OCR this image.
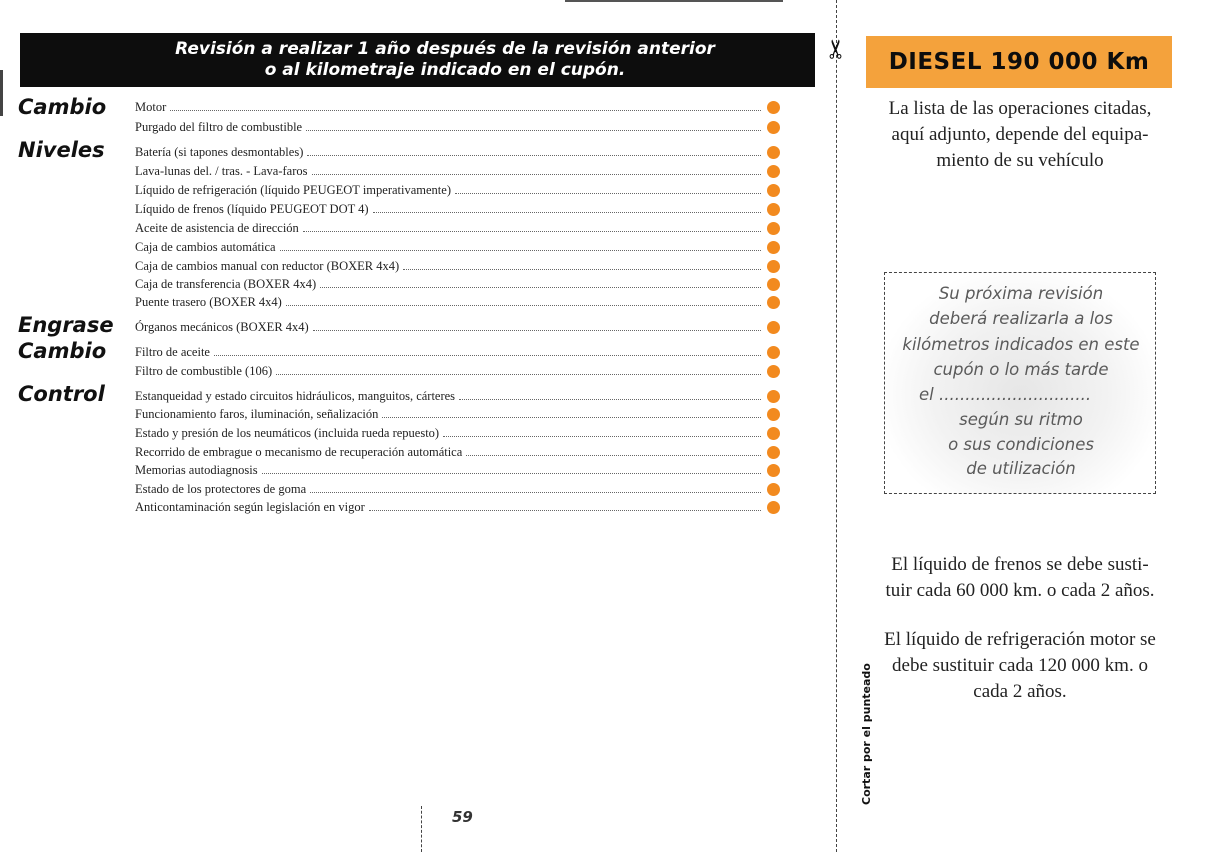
Revisión a realizar 1 año después de la revisión anterior
o al kilometraje indicado en el cupón.
Cambio
Niveles
Engrase
Cambio
Control
Motor
Purgado del filtro de combustible
Batería (si tapones desmontables)
Lava-lunas del. / tras. - Lava-faros
Líquido de refrigeración (líquido PEUGEOT imperativamente)
Líquido de frenos (líquido PEUGEOT DOT 4)
Aceite de asistencia de dirección
Caja de cambios automática
Caja de cambios manual con reductor (BOXER 4x4)
Caja de transferencia (BOXER 4x4)
Puente trasero (BOXER 4x4)
Órganos mecánicos (BOXER 4x4)
Filtro de aceite
Filtro de combustible (106)
Estanqueidad y estado circuitos hidráulicos, manguitos, cárteres
Funcionamiento faros, iluminación, señalización
Estado y presión de los neumáticos (incluida rueda repuesto)
Recorrido de embrague o mecanismo de recuperación automática
Memorias autodiagnosis
Estado de los protectores de goma
Anticontaminación según legislación en vigor
59
✂
Cortar por el punteado
DIESEL 190 000 Km
La lista de las operaciones citadas,
aquí adjunto, depende del equipa-
miento de su vehículo
Su próxima revisión
deberá realizarla a los
kilómetros indicados en este
cupón o lo más tarde
el .............................
según su ritmo
o sus condiciones
de utilización
El líquido de frenos se debe susti-
tuir cada 60 000 km. o cada 2 años.
El líquido de refrigeración motor se
debe sustituir cada 120 000 km. o
cada 2 años.
